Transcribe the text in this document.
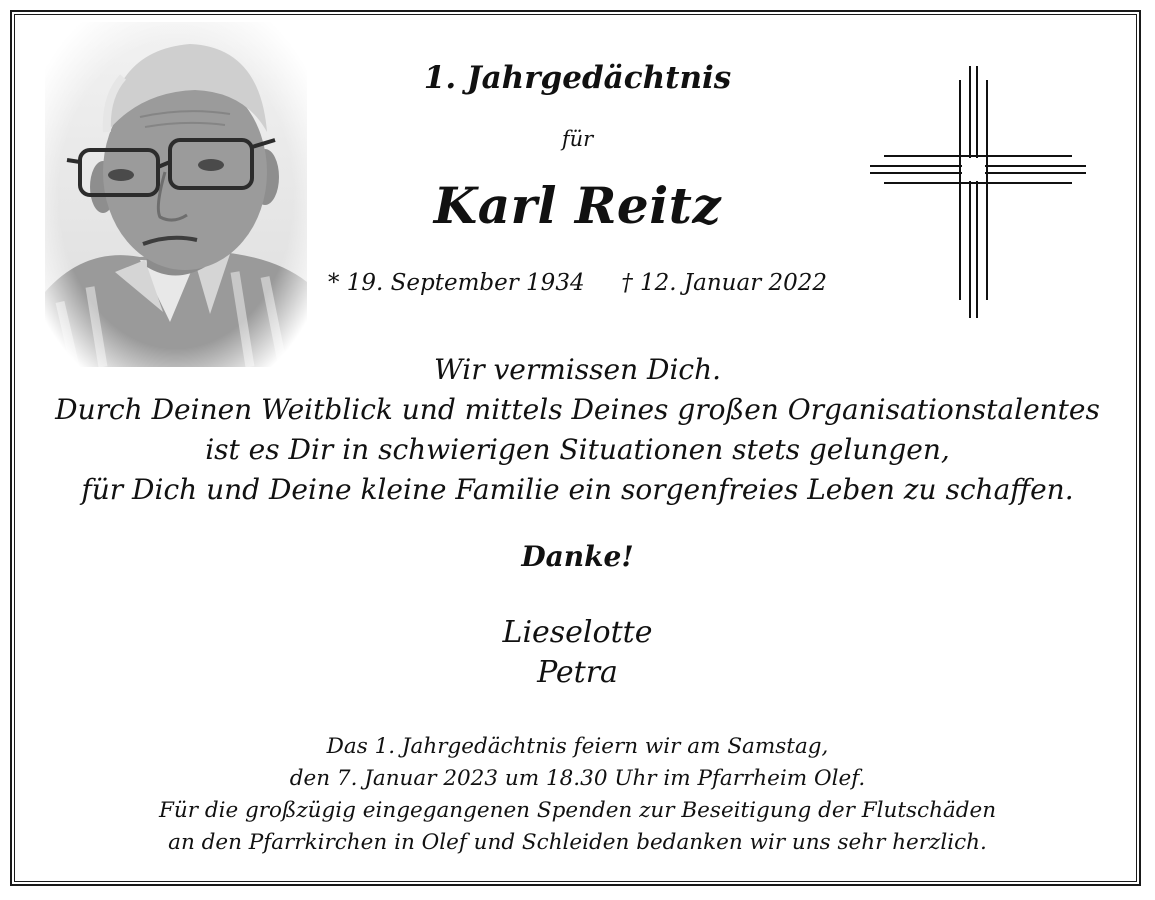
1. Jahrgedächtnis
für
Karl Reitz
* 19. September 1934 † 12. Januar 2022
Wir vermissen Dich.
Durch Deinen Weitblick und mittels Deines großen Organisationstalentes
ist es Dir in schwierigen Situationen stets gelungen,
für Dich und Deine kleine Familie ein sorgenfreies Leben zu schaffen.
Danke!
Lieselotte
Petra
Das 1. Jahrgedächtnis feiern wir am Samstag,
den 7. Januar 2023 um 18.30 Uhr im Pfarrheim Olef.
Für die großzügig eingegangenen Spenden zur Beseitigung der Flutschäden
an den Pfarrkirchen in Olef und Schleiden bedanken wir uns sehr herzlich.
